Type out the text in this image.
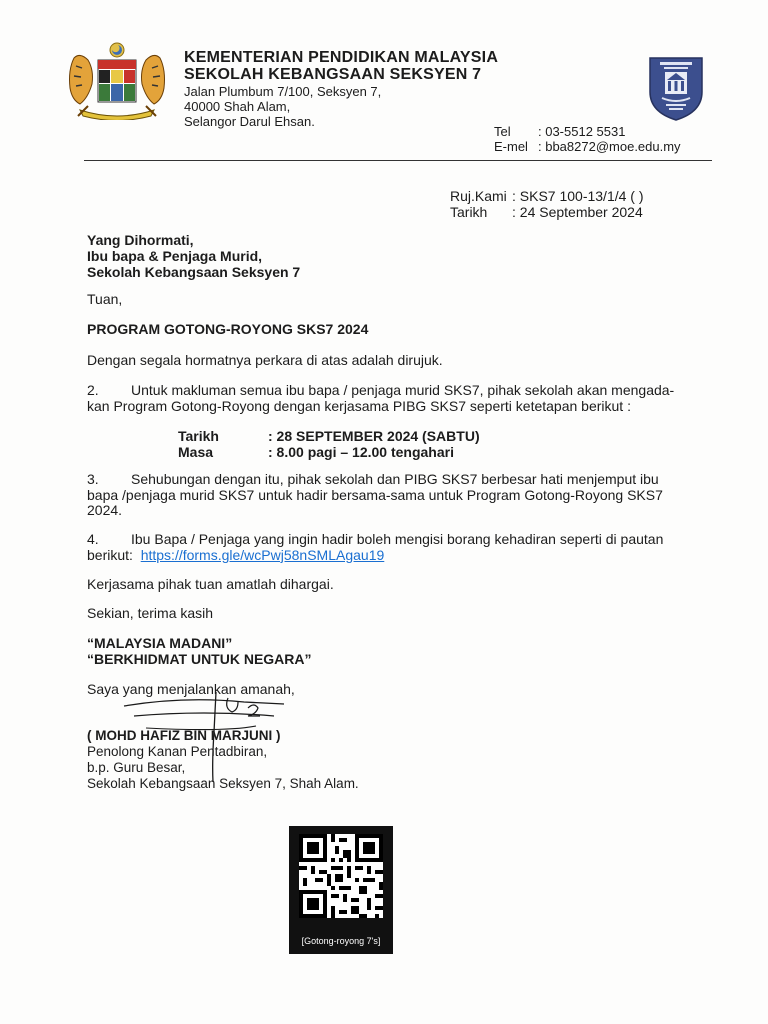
KEMENTERIAN PENDIDIKAN MALAYSIA
SEKOLAH KEBANGSAAN SEKSYEN 7
Jalan Plumbum 7/100, Seksyen 7,
40000 Shah Alam,
Selangor Darul Ehsan.
Tel : 03-5512 5531
E-mel : bba8272@moe.edu.my
Ruj.Kami : SKS7 100-13/1/4 ( )
Tarikh : 24 September 2024
Yang Dihormati,
Ibu bapa & Penjaga Murid,
Sekolah Kebangsaan Seksyen 7
Tuan,
PROGRAM GOTONG-ROYONG SKS7 2024
Dengan segala hormatnya perkara di atas adalah dirujuk.
2. Untuk makluman semua ibu bapa / penjaga murid SKS7, pihak sekolah akan mengada-
kan Program Gotong-Royong dengan kerjasama PIBG SKS7 seperti ketetapan berikut :
Tarikh	: 28 SEPTEMBER 2024 (SABTU)
Masa	: 8.00 pagi – 12.00 tengahari
3. Sehubungan dengan itu, pihak sekolah dan PIBG SKS7 berbesar hati menjemput ibu
bapa /penjaga murid SKS7 untuk hadir bersama-sama untuk Program Gotong-Royong SKS7
2024.
4. Ibu Bapa / Penjaga yang ingin hadir boleh mengisi borang kehadiran seperti di pautan
berikut: https://forms.gle/wcPwj58nSMLAgau19
Kerjasama pihak tuan amatlah dihargai.
Sekian, terima kasih
“MALAYSIA MADANI”
“BERKHIDMAT UNTUK NEGARA”
Saya yang menjalankan amanah,
( MOHD HAFIZ BIN MARJUNI )
Penolong Kanan Pentadbiran,
b.p. Guru Besar,
Sekolah Kebangsaan Seksyen 7, Shah Alam.
[Gotong-royong 7's]
